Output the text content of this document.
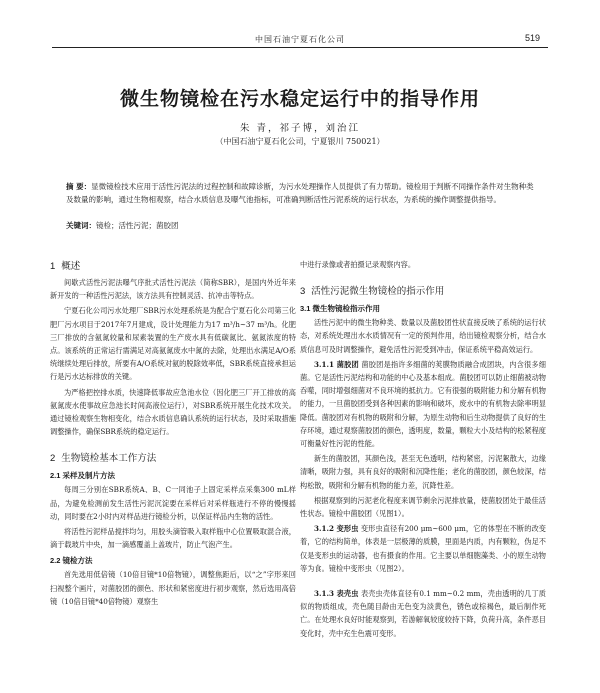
中国石油宁夏石化公司	519
微生物镜检在污水稳定运行中的指导作用
朱 青，祁子博，刘治江
（中国石油宁夏石化公司，宁夏银川 750021）
摘 要：显微镜检技术应用于活性污泥法的过程控制和故障诊断，为污水处理操作人员提供了有力帮助。镜检用于判断不同操作条件对生物种类及数量的影响，通过生物相观察，结合水质信息及曝气池指标，可准确判断活性污泥系统的运行状态，为系统的操作调整提供指导。
关键词：镜检；活性污泥；菌胶团
1 概述

间歇式活性污泥法曝气序批式活性污泥法（简称SBR），是国内外近年来新开发的一种活性污泥法，该方法具有控制灵活、抗冲击等特点。

宁夏石化公司污水处理厂SBR污水处理系统是为配合宁夏石化公司第三化肥厂污水项目于2017年7月建成，设计处理能力为17 m³/h~37 m³/h。化肥三厂排放的含氨氮较量和尿素装置的生产废水具有低碳氮比、氨氮浓度的特点。该系统的正常运行需满足对高氨氮废水中氮的去除，处理出水满足A/O系统继续处理后排放，所要有A/O系统对氨的脱除效率低，SBR系统直接承担运行是污水达标排放的关键。

为严格把控排水质，快速降低事故应急池水位（因化肥三厂开工排放的高氨氮废水使事故应急池长时间高液位运行），对SBR系统开展生化技术攻关。通过镜检观察生物相变化，结合水质信息确认系统的运行状态，及时采取措施调整操作，确保SBR系统的稳定运行。

2 生物镜检基本工作方法
2.1 采样及制片方法

每周三分别在SBR系统A、B、C一同池子上固定采样点采集300 mL样品，为避免检测前发生活性污泥沉淀要在采样后对采样瓶进行不停的慢慢摇动，同时要在2小时内对样品进行镜检分析，以保证样品内生物的活性。

将活性污泥样品搅拌均匀，用胶头滴管吸入取样瓶中心位置吸取混合液，滴于载玻片中央，加一滴感覆盖上盖玻片，防止气泡产生。

2.2 镜检方法

首先选用低倍镜（10倍目镜*10倍物镜），调整焦距后，以“之”字形来回扫视整个画片，对菌胶团的颜色、形状和紧密度进行初步观察，然后选用高倍镜（10倍目镜*40倍物镜）观察生

中进行录像或者拍摄记录观察内容。

3 活性污泥微生物镜检的指示作用
3.1 微生物镜检指示作用

活性污泥中的微生物种类、数量以及菌胶团性状直接反映了系统的运行状态，对系统处理出水水质情况有一定的预判作用，给出镜检观察分析，结合水质信息可及时调整操作，避免活性污泥受到冲击，保证系统平稳高效运行。

3.1.1 菌胶团 菌胶团是指许多细菌的荚膜物质融合成团块，内含很多细菌。它是活性污泥结构和功能的中心及基本组成。菌胶团可以防止细菌被动物吞噬，同时增强细菌对不良环境的抵抗力。它有很强的吸附能力和分解有机物的能力，一旦菌胶团受到各种因素的影响和破坏，废水中的有机物去除率明显降低。菌胶团对有机物的吸附和分解，为原生动物和后生动物提供了良好的生存环境，通过观察菌胶团的颜色，透明度，数量，颗粒大小及结构的松紧程度可衡量好性污泥的性能。

新生的菌胶团，其颜色浅，甚至无色透明，结构紧密，污泥絮散大，边缘清晰，吸附力强，具有良好的吸附和沉降性能；老化的菌胶团，颜色较深，结构松散，吸附和分解有机物的能力差，沉降性差。

根据观察到的污泥老化程度来调节剩余污泥排放量，使菌胶团处于最佳活性状态。镜检中菌胶团（见图1）。

3.1.2 变形虫 变形虫直径有200 μm~600 μm，它的体型在不断的改变着，它的结构简单，体表是一层极薄的质膜，里面是内质，内有颗粒，伪足不仅是变形虫的运动器，也有摄食的作用。它主要以单细胞藻类、小的原生动物等为食。镜检中变形虫（见图2）。

3.1.3 表壳虫 表壳虫壳体直径有0.1 mm~0.2 mm，壳由透明的几丁质似的物质组成，壳色随目龄由无色变为淡黄色，锈色或棕褐色，最后制作死亡。在处理水良好时能观察到，若游解氧较度较持下降，负荷升高，条件恶目变化时，壳中充生色震可变形。
